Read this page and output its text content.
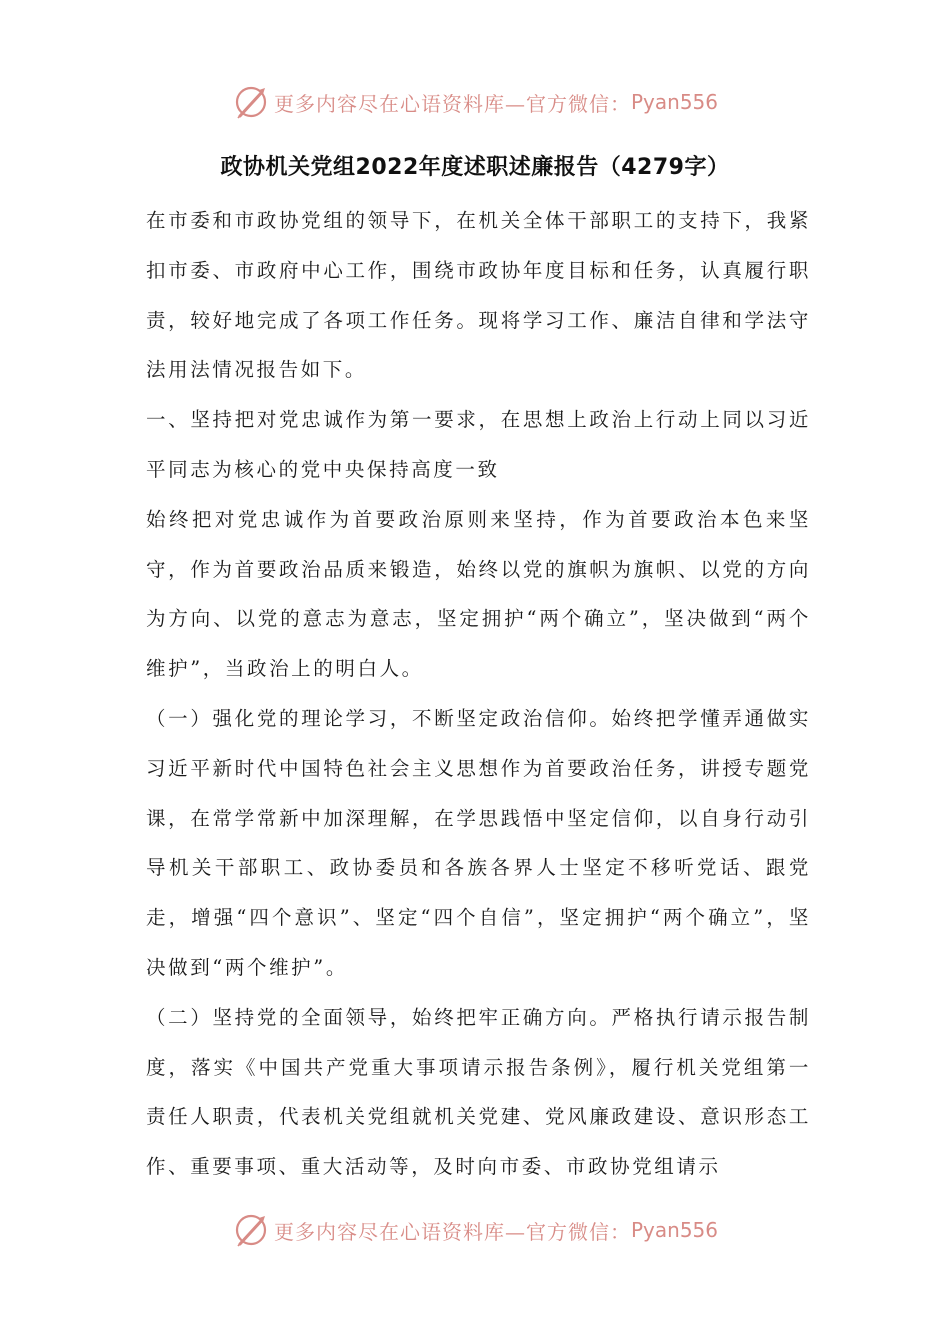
更多内容尽在心语资料库—官方微信： Pyan556
政协机关党组2022年度述职述廉报告（4279字）

在市委和市政协党组的领导下，在机关全体干部职工的支持下，我紧扣市委、市政府中心工作，围绕市政协年度目标和任务，认真履行职责，较好地完成了各项工作任务。现将学习工作、廉洁自律和学法守法用法情况报告如下。

一、坚持把对党忠诚作为第一要求，在思想上政治上行动上同以习近平同志为核心的党中央保持高度一致

始终把对党忠诚作为首要政治原则来坚持，作为首要政治本色来坚守，作为首要政治品质来锻造，始终以党的旗帜为旗帜、以党的方向为方向、以党的意志为意志，坚定拥护“两个确立”，坚决做到“两个维护”，当政治上的明白人。

（一）强化党的理论学习，不断坚定政治信仰。始终把学懂弄通做实习近平新时代中国特色社会主义思想作为首要政治任务，讲授专题党课，在常学常新中加深理解，在学思践悟中坚定信仰，以自身行动引导机关干部职工、政协委员和各族各界人士坚定不移听党话、跟党走，增强“四个意识”、坚定“四个自信”，坚定拥护“两个确立”，坚决做到“两个维护”。

（二）坚持党的全面领导，始终把牢正确方向。严格执行请示报告制度，落实《中国共产党重大事项请示报告条例》，履行机关党组第一责任人职责，代表机关党组就机关党建、党风廉政建设、意识形态工作、重要事项、重大活动等，及时向市委、市政协党组请示

更多内容尽在心语资料库—官方微信： Pyan556
